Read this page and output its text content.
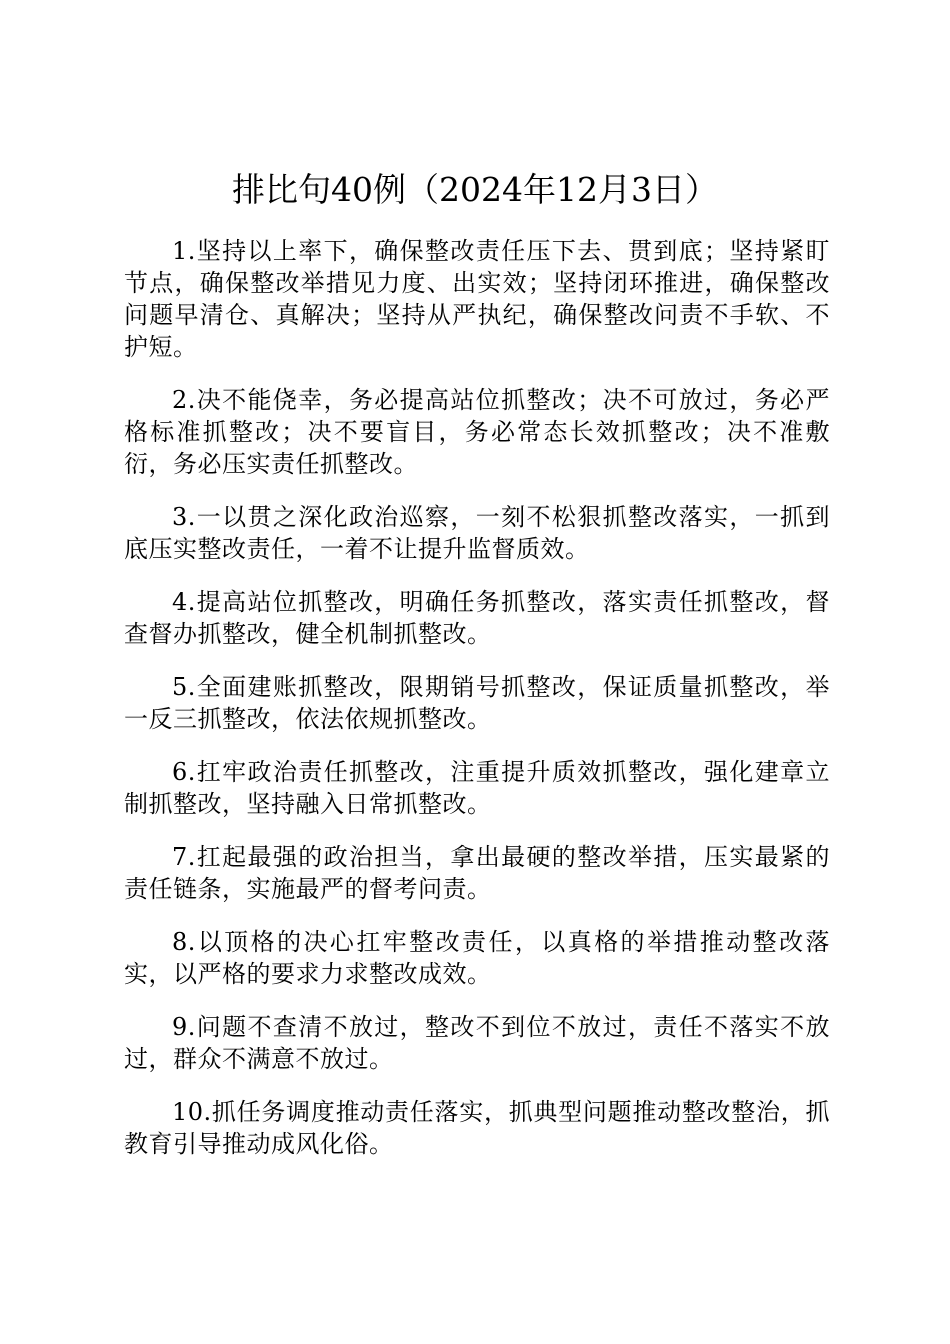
排比句40例（2024年12月3日）

1.坚持以上率下，确保整改责任压下去、贯到底；坚持紧盯节点，确保整改举措见力度、出实效；坚持闭环推进，确保整改问题早清仓、真解决；坚持从严执纪，确保整改问责不手软、不护短。

2.决不能侥幸，务必提高站位抓整改；决不可放过，务必严格标准抓整改；决不要盲目，务必常态长效抓整改；决不准敷衍，务必压实责任抓整改。

3.一以贯之深化政治巡察，一刻不松狠抓整改落实，一抓到底压实整改责任，一着不让提升监督质效。

4.提高站位抓整改，明确任务抓整改，落实责任抓整改，督查督办抓整改，健全机制抓整改。

5.全面建账抓整改，限期销号抓整改，保证质量抓整改，举一反三抓整改，依法依规抓整改。

6.扛牢政治责任抓整改，注重提升质效抓整改，强化建章立制抓整改，坚持融入日常抓整改。

7.扛起最强的政治担当，拿出最硬的整改举措，压实最紧的责任链条，实施最严的督考问责。

8.以顶格的决心扛牢整改责任，以真格的举措推动整改落实，以严格的要求力求整改成效。

9.问题不查清不放过，整改不到位不放过，责任不落实不放过，群众不满意不放过。

10.抓任务调度推动责任落实，抓典型问题推动整改整治，抓教育引导推动成风化俗。
